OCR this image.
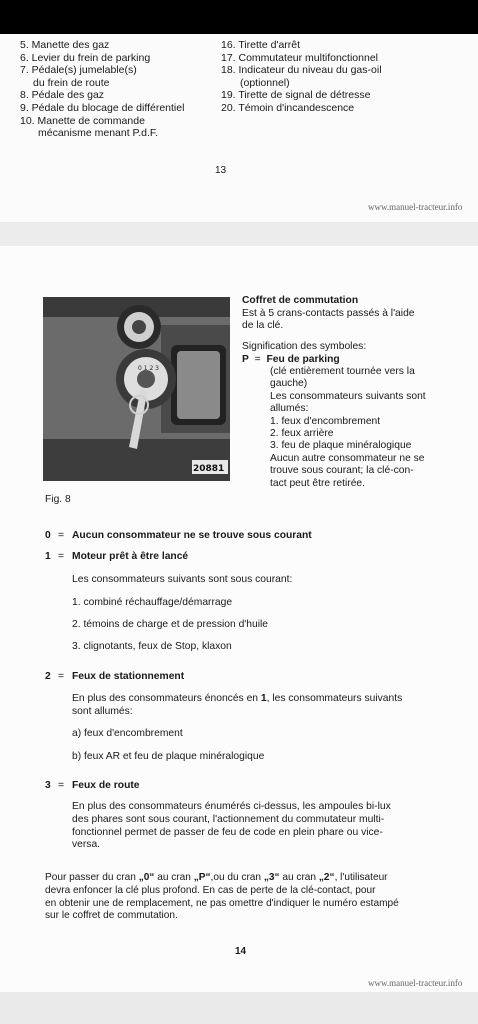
5. Manette des gaz
6. Levier du frein de parking
7. Pédale(s) jumelable(s)
du frein de route
8. Pédale des gaz
9. Pédale du blocage de différentiel
10. Manette de commande
mécanisme menant P.d.F.
16. Tirette d'arrêt
17. Commutateur multifonctionnel
18. Indicateur du niveau du gas-oil
(optionnel)
19. Tirette de signal de détresse
20. Témoin d'incandescence
13
www.manuel-tracteur.info
0 1 2 3
20881
Fig. 8
Coffret de commutation
Est à 5 crans-contacts passés à l'aide
de la clé.
Signification des symboles:
P = Feu de parking
(clé entièrement tournée vers la
gauche)
Les consommateurs suivants sont
allumés:
1. feux d'encombrement
2. feux arrière
3. feu de plaque minéralogique
Aucun autre consommateur ne se
trouve sous courant; la clé-con-
tact peut être retirée.
0 = Aucun consommateur ne se trouve sous courant
1 = Moteur prêt à être lancé
Les consommateurs suivants sont sous courant:
1. combiné réchauffage/démarrage
2. témoins de charge et de pression d'huile
3. clignotants, feux de Stop, klaxon
2 = Feux de stationnement
En plus des consommateurs énoncés en 1, les consommateurs suivants
sont allumés:
a) feux d'encombrement
b) feux AR et feu de plaque minéralogique
3 = Feux de route
En plus des consommateurs énumérés ci-dessus, les ampoules bi-lux
des phares sont sous courant, l'actionnement du commutateur multi-
fonctionnel permet de passer de feu de code en plein phare ou vice-
versa.
Pour passer du cran „0“ au cran „P“,ou du cran „3“ au cran „2“, l'utilisateur
devra enfoncer la clé plus profond. En cas de perte de la clé-contact, pour
en obtenir une de remplacement, ne pas omettre d'indiquer le numéro estampé
sur le coffret de commutation.
14
www.manuel-tracteur.info
